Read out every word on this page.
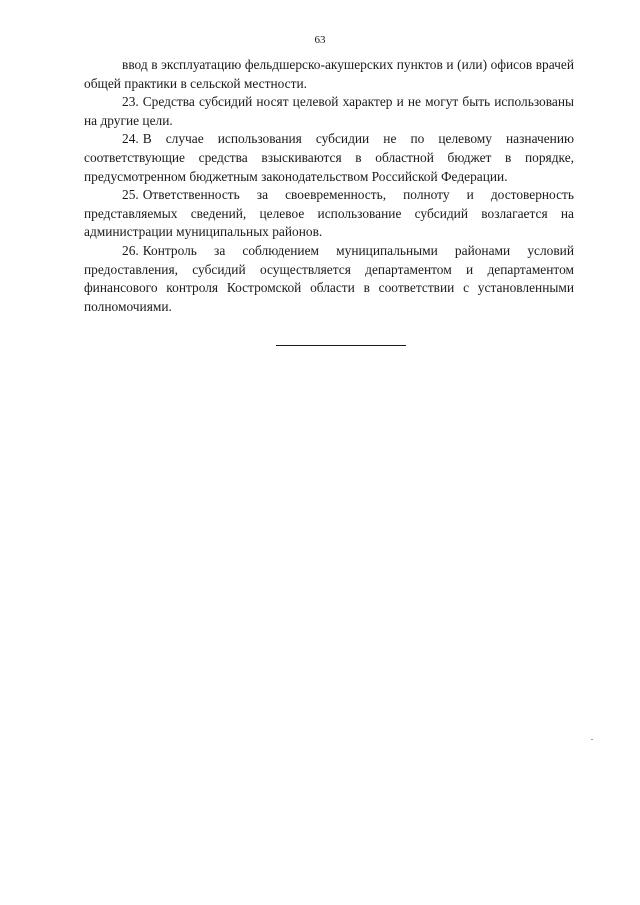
63

ввод в эксплуатацию фельдшерско-акушерских пунктов и (или) офисов врачей общей практики в сельской местности.

23. Средства субсидий носят целевой характер и не могут быть использованы на другие цели.

24. В случае использования субсидии не по целевому назначению соответствующие средства взыскиваются в областной бюджет в порядке, предусмотренном бюджетным законодательством Российской Федерации.

25. Ответственность за своевременность, полноту и достоверность представляемых сведений, целевое использование субсидий возлагается на администрации муниципальных районов.

26. Контроль за соблюдением муниципальными районами условий предоставления, субсидий осуществляется департаментом и департаментом финансового контроля Костромской области в соответствии с установленными полномочиями.
